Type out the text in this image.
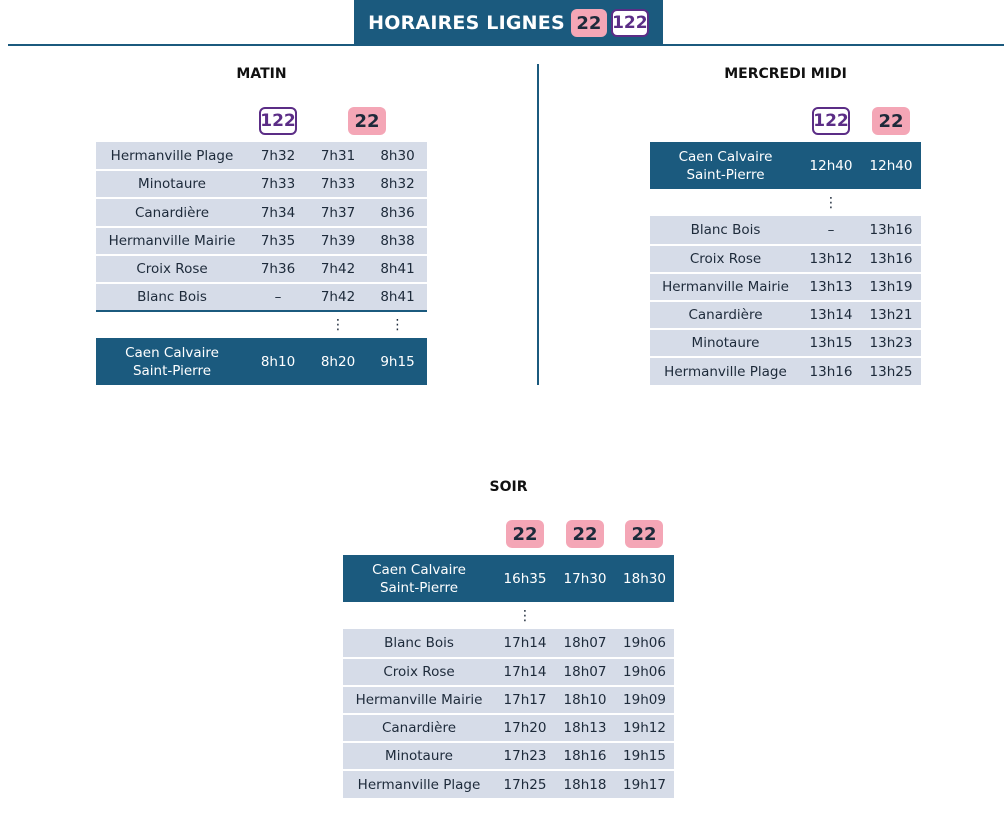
HORAIRES LIGNES 22 122
MATIN
122	22
Hermanville Plage	7h32	7h31	8h30
Minotaure	7h33	7h33	8h32
Canardière	7h34	7h37	8h36
Hermanville Mairie	7h35	7h39	8h38
Croix Rose	7h36	7h42	8h41
Blanc Bois	–	7h42	8h41
⋮	⋮
Caen Calvaire
Saint-Pierre
8h10	8h20	9h15
MERCREDI MIDI
122	22
Caen Calvaire
Saint-Pierre
12h40	12h40
⋮
Blanc Bois	–	13h16
Croix Rose	13h12	13h16
Hermanville Mairie	13h13	13h19
Canardière	13h14	13h21
Minotaure	13h15	13h23
Hermanville Plage	13h16	13h25
SOIR
22	22	22
Caen Calvaire
Saint-Pierre
16h35	17h30	18h30
⋮
Blanc Bois	17h14	18h07	19h06
Croix Rose	17h14	18h07	19h06
Hermanville Mairie	17h17	18h10	19h09
Canardière	17h20	18h13	19h12
Minotaure	17h23	18h16	19h15
Hermanville Plage	17h25	18h18	19h17
